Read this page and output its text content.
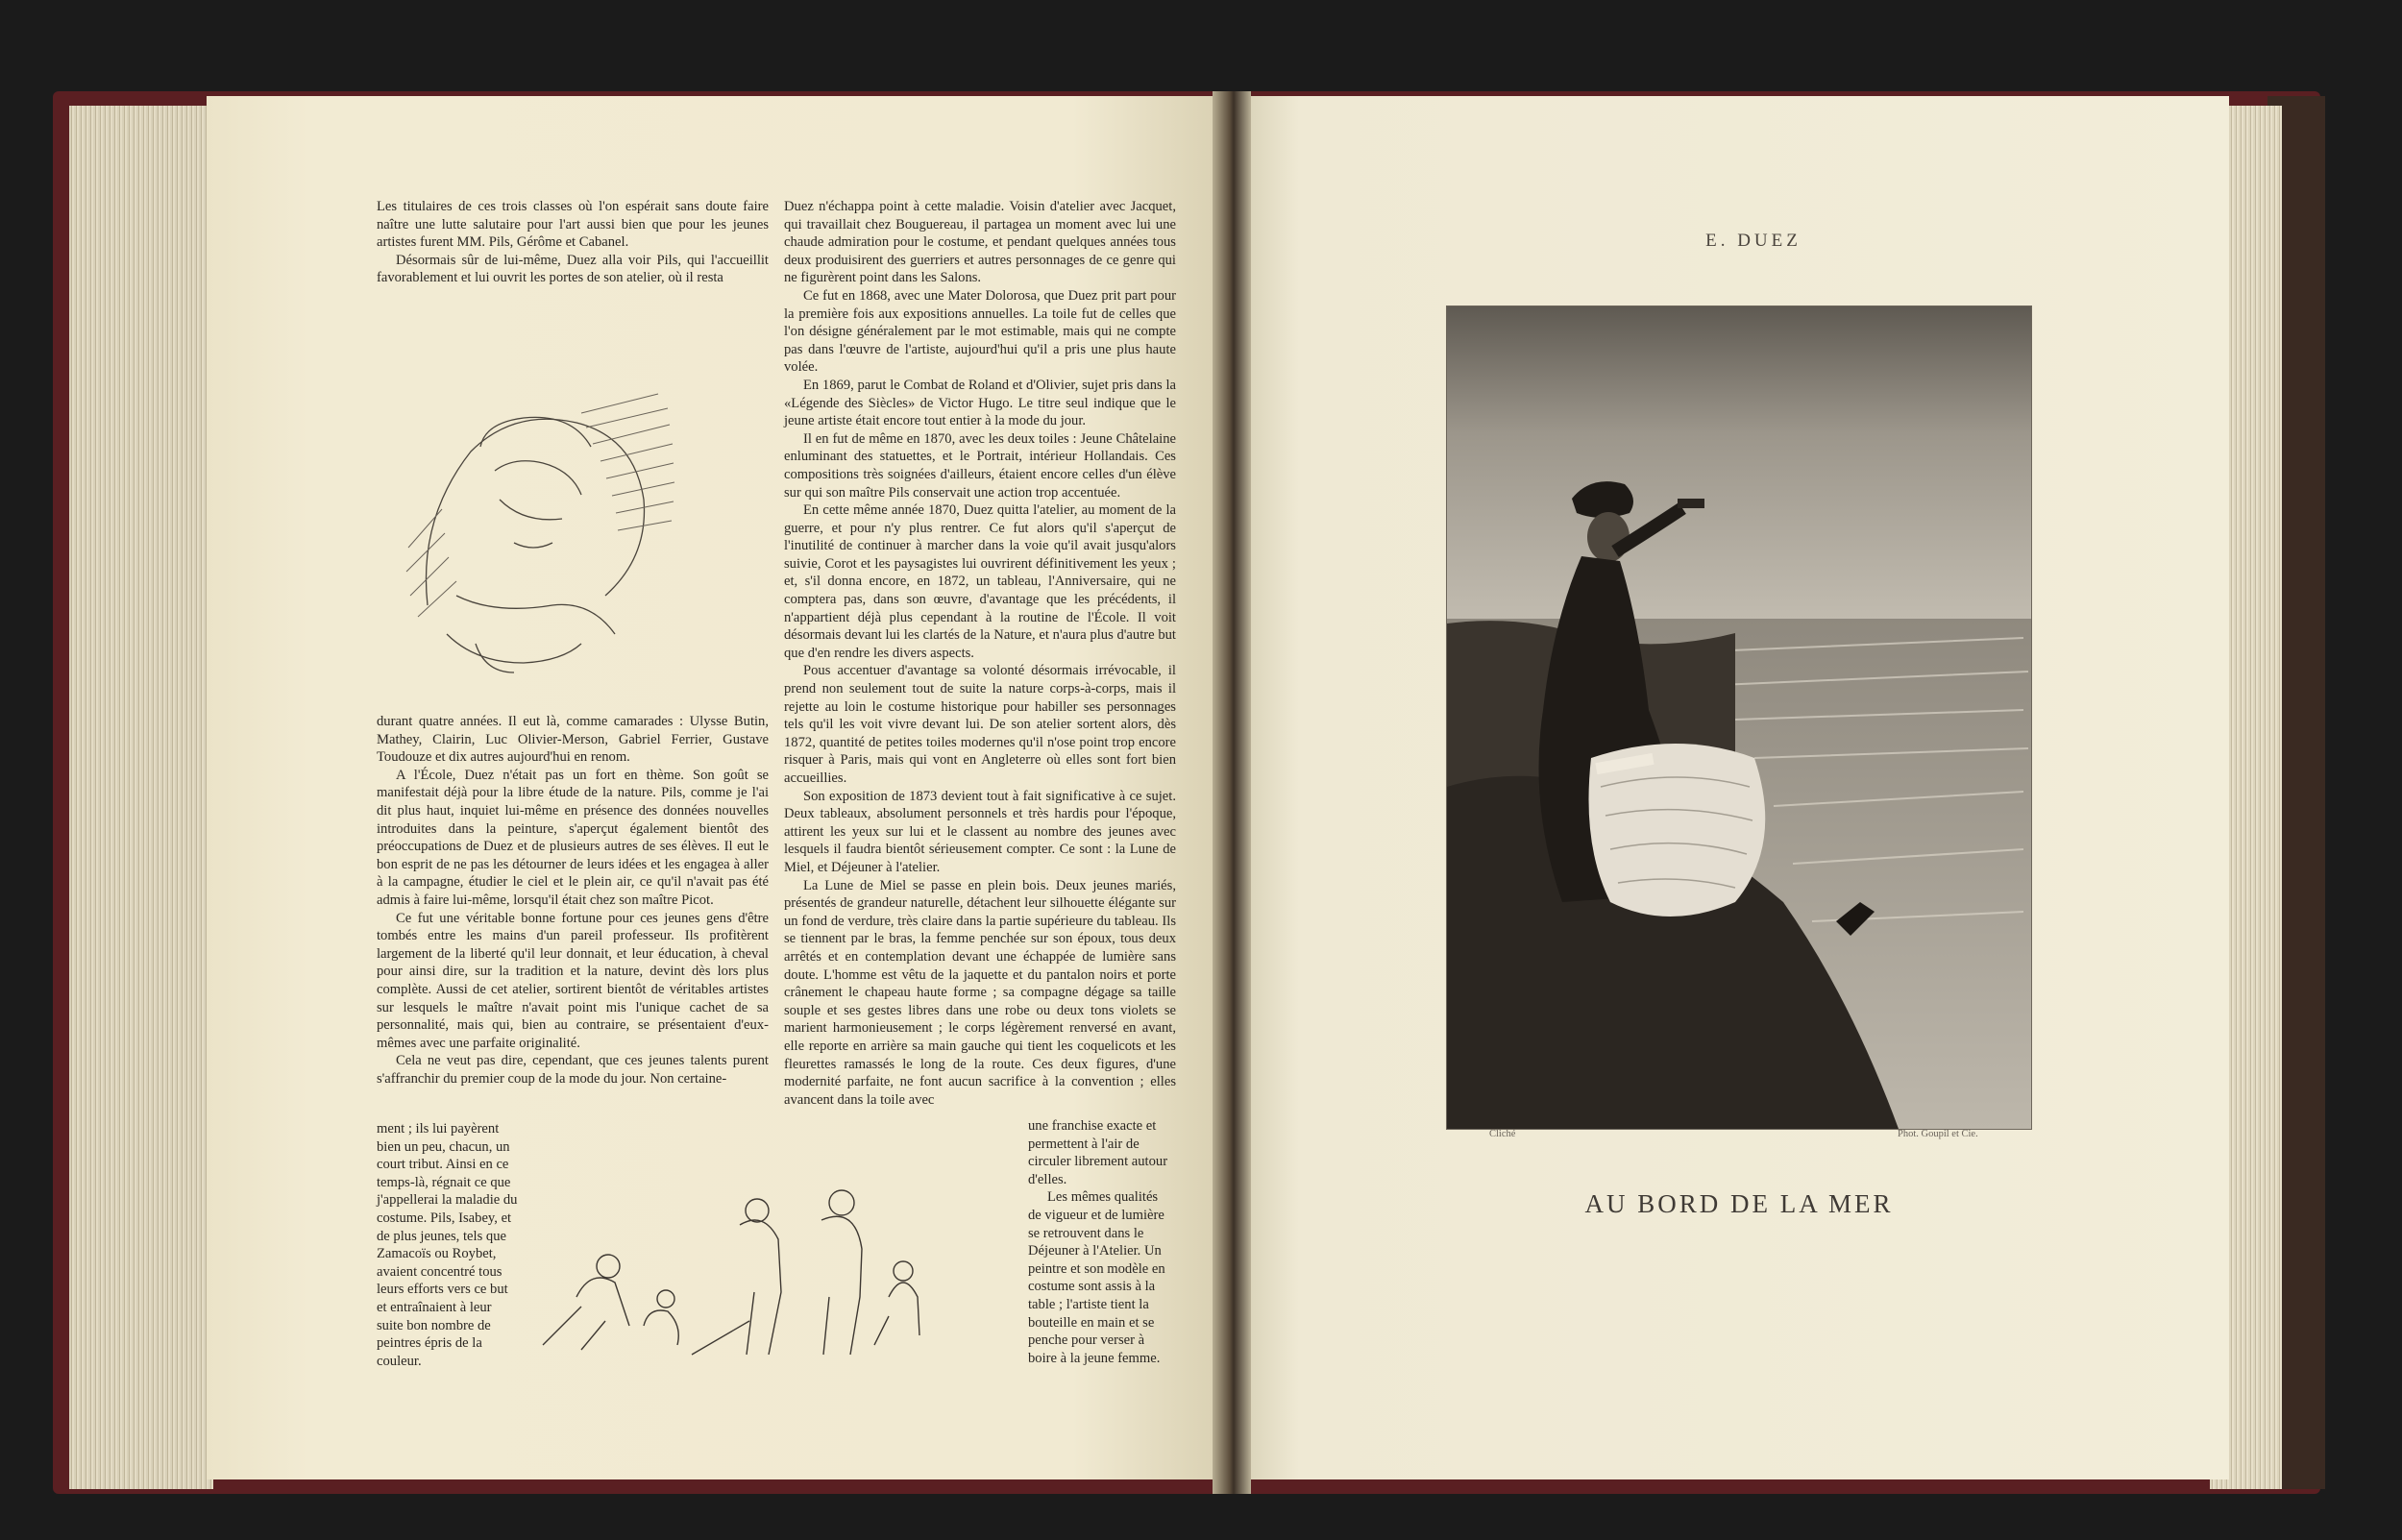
Les titulaires de ces trois classes où l'on espérait sans doute faire naître une lutte salutaire pour l'art aussi bien que pour les jeunes artistes furent MM. Pils, Gérôme et Cabanel.

Désormais sûr de lui-même, Duez alla voir Pils, qui l'accueillit favorablement et lui ouvrit les portes de son atelier, où il resta

durant quatre années. Il eut là, comme camarades : Ulysse Butin, Mathey, Clairin, Luc Olivier-Merson, Gabriel Ferrier, Gustave Toudouze et dix autres aujourd'hui en renom.

A l'École, Duez n'était pas un fort en thème. Son goût se manifestait déjà pour la libre étude de la nature. Pils, comme je l'ai dit plus haut, inquiet lui-même en présence des données nouvelles introduites dans la peinture, s'aperçut également bientôt des préoccupations de Duez et de plusieurs autres de ses élèves. Il eut le bon esprit de ne pas les détourner de leurs idées et les engagea à aller à la campagne, étudier le ciel et le plein air, ce qu'il n'avait pas été admis à faire lui-même, lorsqu'il était chez son maître Picot.

Ce fut une véritable bonne fortune pour ces jeunes gens d'être tombés entre les mains d'un pareil professeur. Ils profitèrent largement de la liberté qu'il leur donnait, et leur éducation, à cheval pour ainsi dire, sur la tradition et la nature, devint dès lors plus complète. Aussi de cet atelier, sortirent bientôt de véritables artistes sur lesquels le maître n'avait point mis l'unique cachet de sa personnalité, mais qui, bien au contraire, se présentaient d'eux-mêmes avec une parfaite originalité.

Cela ne veut pas dire, cependant, que ces jeunes talents purent s'affranchir du premier coup de la mode du jour. Non certaine-

ment ; ils lui payèrent bien un peu, chacun, un court tribut. Ainsi en ce temps-là, régnait ce que j'appellerai la maladie du costume. Pils, Isabey, et de plus jeunes, tels que Zamacoïs ou Roybet, avaient concentré tous leurs efforts vers ce but et entraînaient à leur suite bon nombre de peintres épris de la couleur.

Duez n'échappa point à cette maladie. Voisin d'atelier avec Jacquet, qui travaillait chez Bouguereau, il partagea un moment avec lui une chaude admiration pour le costume, et pendant quelques années tous deux produisirent des guerriers et autres personnages de ce genre qui ne figurèrent point dans les Salons.

Ce fut en 1868, avec une Mater Dolorosa, que Duez prit part pour la première fois aux expositions annuelles. La toile fut de celles que l'on désigne généralement par le mot estimable, mais qui ne compte pas dans l'œuvre de l'artiste, aujourd'hui qu'il a pris une plus haute volée.

En 1869, parut le Combat de Roland et d'Olivier, sujet pris dans la «Légende des Siècles» de Victor Hugo. Le titre seul indique que le jeune artiste était encore tout entier à la mode du jour.

Il en fut de même en 1870, avec les deux toiles : Jeune Châtelaine enluminant des statuettes, et le Portrait, intérieur Hollandais. Ces compositions très soignées d'ailleurs, étaient encore celles d'un élève sur qui son maître Pils conservait une action trop accentuée.

En cette même année 1870, Duez quitta l'atelier, au moment de la guerre, et pour n'y plus rentrer. Ce fut alors qu'il s'aperçut de l'inutilité de continuer à marcher dans la voie qu'il avait jusqu'alors suivie, Corot et les paysagistes lui ouvrirent définitivement les yeux ; et, s'il donna encore, en 1872, un tableau, l'Anniversaire, qui ne comptera pas, dans son œuvre, d'avantage que les précédents, il n'appartient déjà plus cependant à la routine de l'École. Il voit désormais devant lui les clartés de la Nature, et n'aura plus d'autre but que d'en rendre les divers aspects.

Pous accentuer d'avantage sa volonté désormais irrévocable, il prend non seulement tout de suite la nature corps-à-corps, mais il rejette au loin le costume historique pour habiller ses personnages tels qu'il les voit vivre devant lui. De son atelier sortent alors, dès 1872, quantité de petites toiles modernes qu'il n'ose point trop encore risquer à Paris, mais qui vont en Angleterre où elles sont fort bien accueillies.

Son exposition de 1873 devient tout à fait significative à ce sujet. Deux tableaux, absolument personnels et très hardis pour l'époque, attirent les yeux sur lui et le classent au nombre des jeunes avec lesquels il faudra bientôt sérieusement compter. Ce sont : la Lune de Miel, et Déjeuner à l'atelier.

La Lune de Miel se passe en plein bois. Deux jeunes mariés, présentés de grandeur naturelle, détachent leur silhouette élégante sur un fond de verdure, très claire dans la partie supérieure du tableau. Ils se tiennent par le bras, la femme penchée sur son époux, tous deux arrêtés et en contemplation devant une échappée de lumière sans doute. L'homme est vêtu de la jaquette et du pantalon noirs et porte crânement le chapeau haute forme ; sa compagne dégage sa taille souple et ses gestes libres dans une robe ou deux tons violets se marient harmonieusement ; le corps légèrement renversé en avant, elle reporte en arrière sa main gauche qui tient les coquelicots et les fleurettes ramassés le long de la route. Ces deux figures, d'une modernité parfaite, ne font aucun sacrifice à la convention ; elles avancent dans la toile avec

une franchise exacte et permettent à l'air de circuler librement autour d'elles.

Les mêmes qualités de vigueur et de lumière se retrouvent dans le Déjeuner à l'Atelier. Un peintre et son modèle en costume sont assis à la table ; l'artiste tient la bouteille en main et se penche pour verser à boire à la jeune femme.

E. DUEZ
Cliché	Phot. Goupil et Cie.
AU BORD DE LA MER
